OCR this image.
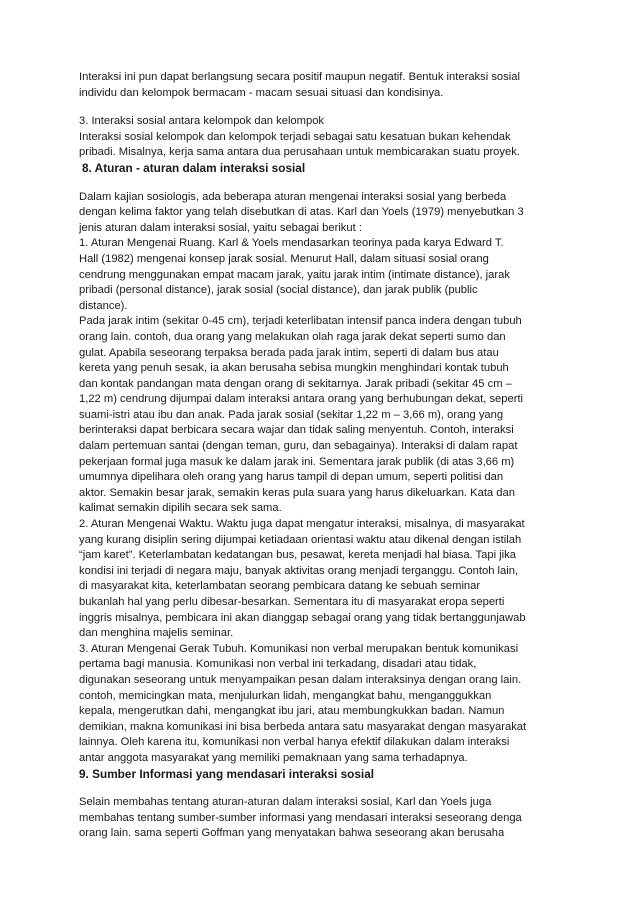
Interaksi ini pun dapat berlangsung secara positif maupun negatif. Bentuk interaksi sosial
individu dan kelompok bermacam - macam sesuai situasi dan kondisinya.

3. Interaksi sosial antara kelompok dan kelompok
Interaksi sosial kelompok dan kelompok terjadi sebagai satu kesatuan bukan kehendak
pribadi. Misalnya, kerja sama antara dua perusahaan untuk membicarakan suatu proyek.

8. Aturan - aturan dalam interaksi sosial

Dalam kajian sosiologis, ada beberapa aturan mengenai interaksi sosial yang berbeda
dengan kelima faktor yang telah disebutkan di atas. Karl dan Yoels (1979) menyebutkan 3
jenis aturan dalam interaksi sosial, yaitu sebagai berikut :
1. Aturan Mengenai Ruang. Karl & Yoels mendasarkan teorinya pada karya Edward T.
Hall (1982) mengenai konsep jarak sosial. Menurut Hall, dalam situasi sosial orang
cendrung menggunakan empat macam jarak, yaitu jarak intim (intimate distance), jarak
pribadi (personal distance), jarak sosial (social distance), dan jarak publik (public
distance).
Pada jarak intim (sekitar 0-45 cm), terjadi keterlibatan intensif panca indera dengan tubuh
orang lain. contoh, dua orang yang melakukan olah raga jarak dekat seperti sumo dan
gulat. Apabila seseorang terpaksa berada pada jarak intim, seperti di dalam bus atau
kereta yang penuh sesak, ia akan berusaha sebisa mungkin menghindari kontak tubuh
dan kontak pandangan mata dengan orang di sekitarnya. Jarak pribadi (sekitar 45 cm –
1,22 m) cendrung dijumpai dalam interaksi antara orang yang berhubungan dekat, seperti
suami-istri atau ibu dan anak. Pada jarak sosial (sekitar 1,22 m – 3,66 m), orang yang
berinteraksi dapat berbicara secara wajar dan tidak saling menyentuh. Contoh, interaksi
dalam pertemuan santai (dengan teman, guru, dan sebagainya). Interaksi di dalam rapat
pekerjaan formal juga masuk ke dalam jarak ini. Sementara jarak publik (di atas 3,66 m)
umumnya dipelihara oleh orang yang harus tampil di depan umum, seperti politisi dan
aktor. Semakin besar jarak, semakin keras pula suara yang harus dikeluarkan. Kata dan
kalimat semakin dipilih secara sek sama.
2. Aturan Mengenai Waktu. Waktu juga dapat mengatur interaksi, misalnya, di masyarakat
yang kurang disiplin sering dijumpai ketiadaan orientasi waktu atau dikenal dengan istilah
“jam karet”. Keterlambatan kedatangan bus, pesawat, kereta menjadi hal biasa. Tapi jika
kondisi ini terjadi di negara maju, banyak aktivitas orang menjadi terganggu. Contoh lain,
di masyarakat kita, keterlambatan seorang pembicara datang ke sebuah seminar
bukanlah hal yang perlu dibesar-besarkan. Sementara itu di masyarakat eropa seperti
inggris misalnya, pembicara ini akan dianggap sebagai orang yang tidak bertanggunjawab
dan menghina majelis seminar.
3. Aturan Mengenai Gerak Tubuh. Komunikasi non verbal merupakan bentuk komunikasi
pertama bagi manusia. Komunikasi non verbal ini terkadang, disadari atau tidak,
digunakan seseorang untuk menyampaikan pesan dalam interaksinya dengan orang lain.
contoh, memicingkan mata, menjulurkan lidah, mengangkat bahu, menganggukkan
kepala, mengerutkan dahi, mengangkat ibu jari, atau membungkukkan badan. Namun
demikian, makna komunikasi ini bisa berbeda antara satu masyarakat dengan masyarakat
lainnya. Oleh karena itu, komunikasi non verbal hanya efektif dilakukan dalam interaksi
antar anggota masyarakat yang memiliki pemaknaan yang sama terhadapnya.

9. Sumber Informasi yang mendasari interaksi sosial

Selain membahas tentang aturan-aturan dalam interaksi sosial, Karl dan Yoels juga
membahas tentang sumber-sumber informasi yang mendasari interaksi seseorang denga
orang lain. sama seperti Goffman yang menyatakan bahwa seseorang akan berusaha
